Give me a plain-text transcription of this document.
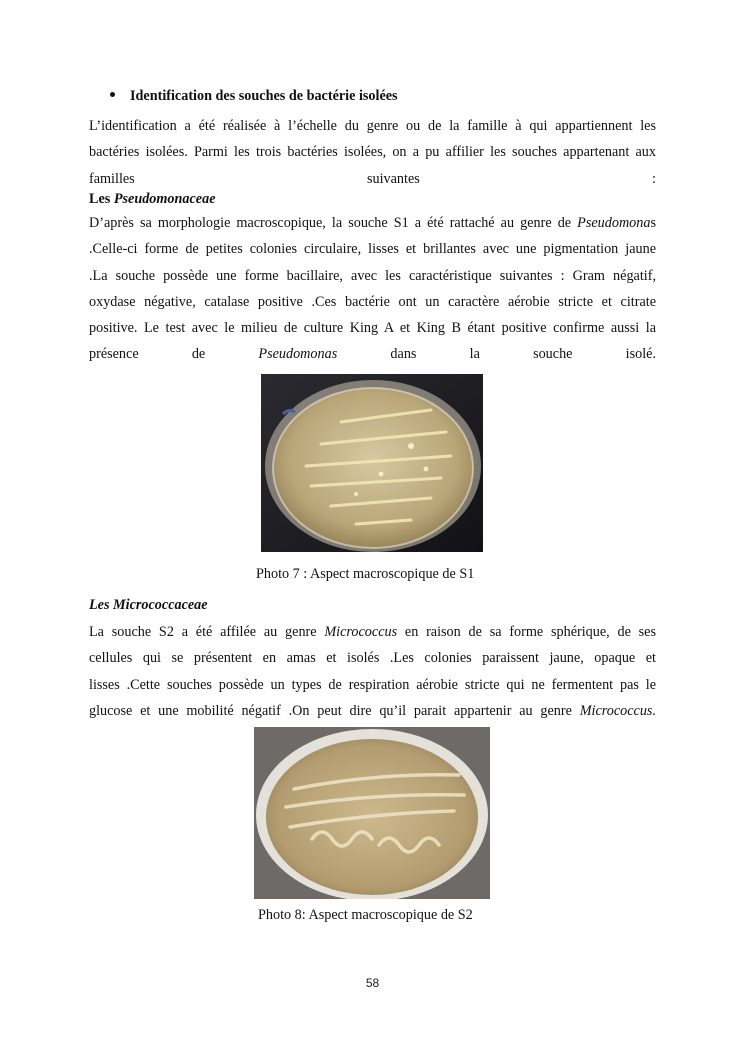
Identification des souches de bactérie isolées
L’identification a été réalisée à l’échelle du genre ou de la famille à qui appartiennent les
bactéries isolées. Parmi les trois bactéries isolées, on a pu affilier les souches appartenant aux
familles suivantes :
Les Pseudomonaceae
D’après sa morphologie macroscopique, la souche S1 a été rattaché au genre de Pseudomonas
.Celle-ci forme de petites colonies circulaire, lisses et brillantes avec une pigmentation jaune
.La souche possède une forme bacillaire, avec les caractéristique suivantes : Gram négatif,
oxydase négative, catalase positive .Ces bactérie ont un caractère aérobie stricte et citrate
positive. Le test avec le milieu de culture King A et King B étant positive confirme aussi la
présence de Pseudomonas dans la souche isolé.
Photo 7 : Aspect macroscopique de S1
Les Micrococcaceae
La souche S2 a été affilée au genre Micrococcus en raison de sa forme sphérique, de ses
cellules qui se présentent en amas et isolés .Les colonies paraissent jaune, opaque et
lisses .Cette souches possède un types de respiration aérobie stricte qui ne fermentent pas le
glucose et une mobilité négatif .On peut dire qu’il parait appartenir au genre Micrococcus.
Photo 8: Aspect macroscopique de S2
58
